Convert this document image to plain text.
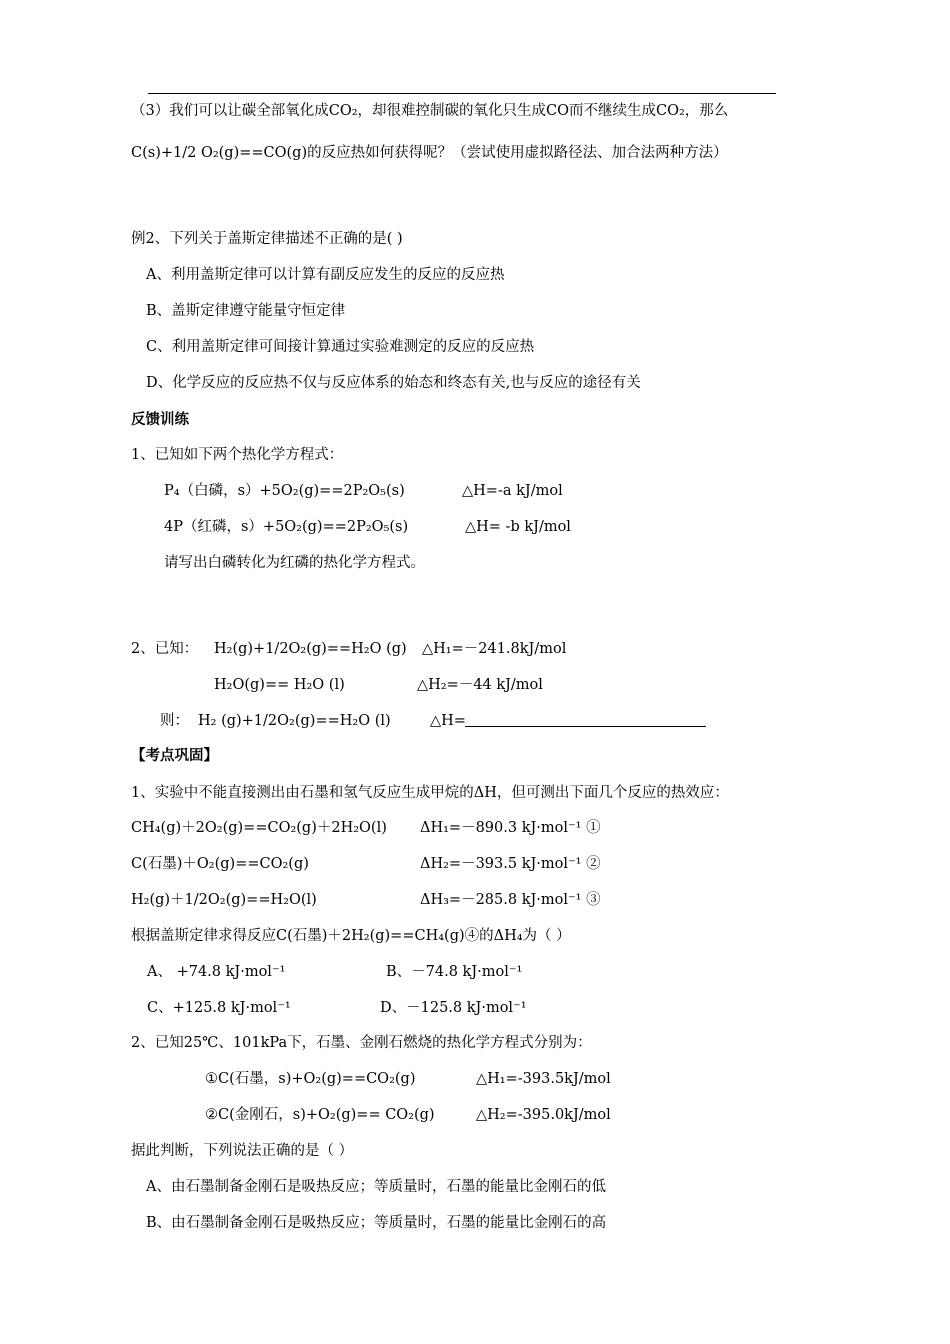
（3）我们可以让碳全部氧化成CO₂，却很难控制碳的氧化只生成CO而不继续生成CO₂，那么
C(s)+1/2 O₂(g)==CO(g)的反应热如何获得呢？（尝试使用虚拟路径法、加合法两种方法）
例2、下列关于盖斯定律描述不正确的是( )
A、利用盖斯定律可以计算有副反应发生的反应的反应热
B、盖斯定律遵守能量守恒定律
C、利用盖斯定律可间接计算通过实验难测定的反应的反应热
D、化学反应的反应热不仅与反应体系的始态和终态有关,也与反应的途径有关
反馈训练
1、已知如下两个热化学方程式：
P₄（白磷，s）+5O₂(g)==2P₂O₅(s)	△H=-a kJ/mol
4P（红磷，s）+5O₂(g)==2P₂O₅(s)	△H= -b kJ/mol
请写出白磷转化为红磷的热化学方程式。
2、已知： H₂(g)+1/2O₂(g)==H₂O (g) △H₁=－241.8kJ/mol
H₂O(g)== H₂O (l)	△H₂=－44 kJ/mol
则： H₂ (g)+1/2O₂(g)==H₂O (l)	△H=
【考点巩固】
1、实验中不能直接测出由石墨和氢气反应生成甲烷的ΔH，但可测出下面几个反应的热效应：
CH₄(g)＋2O₂(g)==CO₂(g)＋2H₂O(l) ΔH₁=－890.3 kJ·mol⁻¹ ①
C(石墨)＋O₂(g)==CO₂(g)	ΔH₂=－393.5 kJ·mol⁻¹ ②
H₂(g)＋1/2O₂(g)==H₂O(l)	ΔH₃=－285.8 kJ·mol⁻¹ ③
根据盖斯定律求得反应C(石墨)＋2H₂(g)==CH₄(g)④的ΔH₄为（ ）
A、 +74.8 kJ·mol⁻¹	B、－74.8 kJ·mol⁻¹
C、+125.8 kJ·mol⁻¹	D、－125.8 kJ·mol⁻¹
2、已知25℃、101kPa下，石墨、金刚石燃烧的热化学方程式分别为：
①C(石墨，s)+O₂(g)==CO₂(g)	△H₁=-393.5kJ/mol
②C(金刚石，s)+O₂(g)== CO₂(g)	△H₂=-395.0kJ/mol
据此判断，下列说法正确的是（ ）
A、由石墨制备金刚石是吸热反应；等质量时，石墨的能量比金刚石的低
B、由石墨制备金刚石是吸热反应；等质量时，石墨的能量比金刚石的高
